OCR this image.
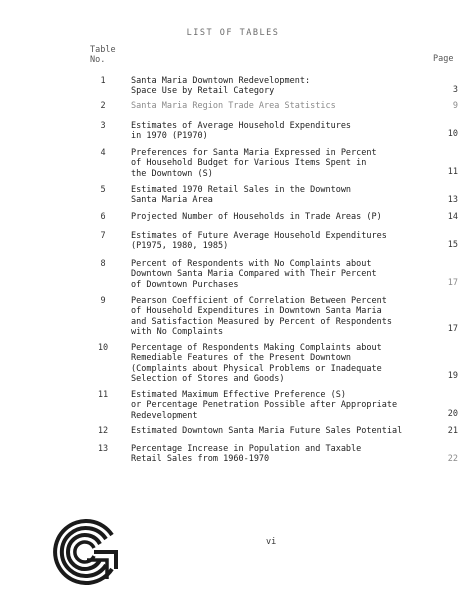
LIST OF TABLES
Table
No.	Page
1	Santa Maria Downtown Redevelopment:
Space Use by Retail Category	3
2	Santa Maria Region Trade Area Statistics	9
3	Estimates of Average Household Expenditures
in 1970 (P1970)	10
4	Preferences for Santa Maria Expressed in Percent
of Household Budget for Various Items Spent in
the Downtown (S)	11
5	Estimated 1970 Retail Sales in the Downtown
Santa Maria Area	13
6	Projected Number of Households in Trade Areas (P)	14
7	Estimates of Future Average Household Expenditures
(P1975, 1980, 1985)	15
8	Percent of Respondents with No Complaints about
Downtown Santa Maria Compared with Their Percent
of Downtown Purchases	17
9	Pearson Coefficient of Correlation Between Percent
of Household Expenditures in Downtown Santa Maria
and Satisfaction Measured by Percent of Respondents
with No Complaints	17
10	Percentage of Respondents Making Complaints about
Remediable Features of the Present Downtown
(Complaints about Physical Problems or Inadequate
Selection of Stores and Goods)	19
11	Estimated Maximum Effective Preference (S)
or Percentage Penetration Possible after Appropriate
Redevelopment	20
12	Estimated Downtown Santa Maria Future Sales Potential	21
13	Percentage Increase in Population and Taxable
Retail Sales from 1960-1970	22
vi
